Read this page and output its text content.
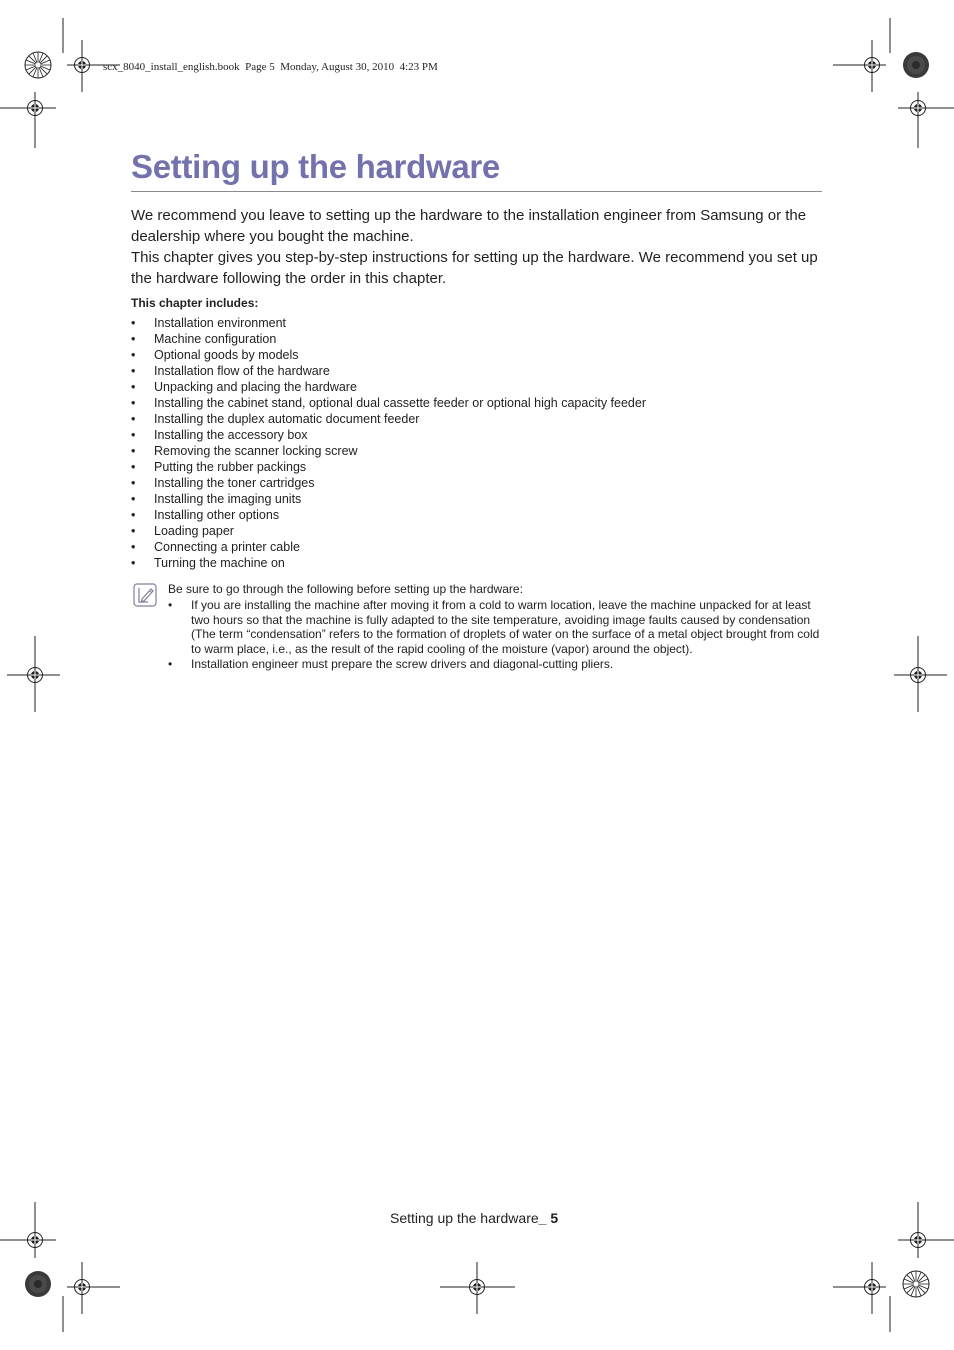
scx_8040_install_english.book  Page 5  Monday, August 30, 2010  4:23 PM
Setting up the hardware

We recommend you leave to setting up the hardware to the installation engineer from Samsung or the dealership where you bought the machine.

This chapter gives you step-by-step instructions for setting up the hardware. We recommend you set up the hardware following the order in this chapter.

This chapter includes:

• Installation environment
• Machine configuration
• Optional goods by models
• Installation flow of the hardware
• Unpacking and placing the hardware
• Installing the cabinet stand, optional dual cassette feeder or optional high capacity feeder
• Installing the duplex automatic document feeder
• Installing the accessory box
• Removing the scanner locking screw
• Putting the rubber packings
• Installing the toner cartridges
• Installing the imaging units
• Installing other options
• Loading paper
• Connecting a printer cable
• Turning the machine on

Be sure to go through the following before setting up the hardware:

• If you are installing the machine after moving it from a cold to warm location, leave the machine unpacked for at least two hours so that the machine is fully adapted to the site temperature, avoiding image faults caused by condensation (The term “condensation” refers to the formation of droplets of water on the surface of a metal object brought from cold to warm place, i.e., as the result of the rapid cooling of the moisture (vapor) around the object).
• Installation engineer must prepare the screw drivers and diagonal-cutting pliers.
Setting up the hardware_ 5
